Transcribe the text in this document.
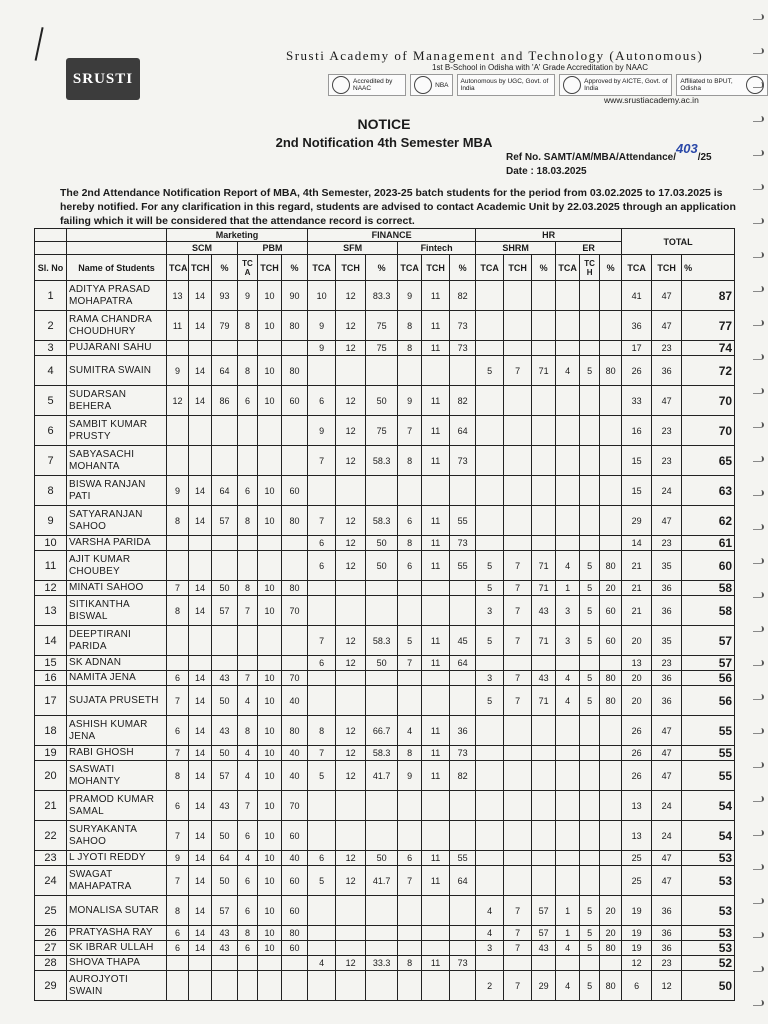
SRUSTI
Srusti Academy of Management and Technology (Autonomous)
1st B-School in Odisha with 'A' Grade Accreditation by NAAC
Accredited by NAAC	NBA Autonomous by UGC, Govt. of India
Approved by AICTE, Govt. of India
Affiliated to BPUT, Odisha
www.srustiacademy.ac.in
NOTICE
2nd Notification 4th Semester MBA
Ref No. SAMT/AM/MBA/Attendance/403/25
Date : 18.03.2025
The 2nd Attendance Notification Report of MBA, 4th Semester, 2023-25 batch students for the period from 03.02.2025 to 17.03.2025 is hereby notified. For any clarification in this regard, students are advised to contact Academic Unit by 22.03.2025 through an application failing which it will be considered that the attendance record is correct.
		Marketing						FINANCE						HR						TOTAL		
		SCM			PBM			SFM			Fintech			SHRM			ER					
Sl. No	Name of Students	TCA	TCH	%	TC A	TCH	%	TCA	TCH	%	TCA	TCH	%	TCA	TCH	%	TCA	TC H	%	TCA	TCH	%
1	ADITYA PRASAD MOHAPATRA	13	14	93	9	10	90	10	12	83.3	9	11	82							41	47	87
2	RAMA CHANDRA CHOUDHURY	11	14	79	8	10	80	9	12	75	8	11	73							36	47	77
3	PUJARANI SAHU							9	12	75	8	11	73							17	23	74
4	SUMITRA SWAIN	9	14	64	8	10	80							5	7	71	4	5	80	26	36	72
5	SUDARSAN BEHERA	12	14	86	6	10	60	6	12	50	9	11	82							33	47	70
6	SAMBIT KUMAR PRUSTY							9	12	75	7	11	64							16	23	70
7	SABYASACHI MOHANTA							7	12	58.3	8	11	73							15	23	65
8	BISWA RANJAN PATI	9	14	64	6	10	60													15	24	63
9	SATYARANJAN SAHOO	8	14	57	8	10	80	7	12	58.3	6	11	55							29	47	62
10	VARSHA PARIDA							6	12	50	8	11	73							14	23	61
11	AJIT KUMAR CHOUBEY							6	12	50	6	11	55	5	7	71	4	5	80	21	35	60
12	MINATI SAHOO	7	14	50	8	10	80							5	7	71	1	5	20	21	36	58
13	SITIKANTHA BISWAL	8	14	57	7	10	70							3	7	43	3	5	60	21	36	58
14	DEEPTIRANI PARIDA							7	12	58.3	5	11	45	5	7	71	3	5	60	20	35	57
15	SK ADNAN							6	12	50	7	11	64							13	23	57
16	NAMITA JENA	6	14	43	7	10	70							3	7	43	4	5	80	20	36	56
17	SUJATA PRUSETH	7	14	50	4	10	40							5	7	71	4	5	80	20	36	56
18	ASHISH KUMAR JENA	6	14	43	8	10	80	8	12	66.7	4	11	36							26	47	55
19	RABI GHOSH	7	14	50	4	10	40	7	12	58.3	8	11	73							26	47	55
20	SASWATI MOHANTY	8	14	57	4	10	40	5	12	41.7	9	11	82							26	47	55
21	PRAMOD KUMAR SAMAL	6	14	43	7	10	70													13	24	54
22	SURYAKANTA SAHOO	7	14	50	6	10	60													13	24	54
23	L JYOTI REDDY	9	14	64	4	10	40	6	12	50	6	11	55							25	47	53
24	SWAGAT MAHAPATRA	7	14	50	6	10	60	5	12	41.7	7	11	64							25	47	53
25	MONALISA SUTAR	8	14	57	6	10	60							4	7	57	1	5	20	19	36	53
26	PRATYASHA RAY	6	14	43	8	10	80							4	7	57	1	5	20	19	36	53
27	SK IBRAR ULLAH	6	14	43	6	10	60							3	7	43	4	5	80	19	36	53
28	SHOVA THAPA							4	12	33.3	8	11	73							12	23	52
29	AUROJYOTI SWAIN													2	7	29	4	5	80	6	12	50
